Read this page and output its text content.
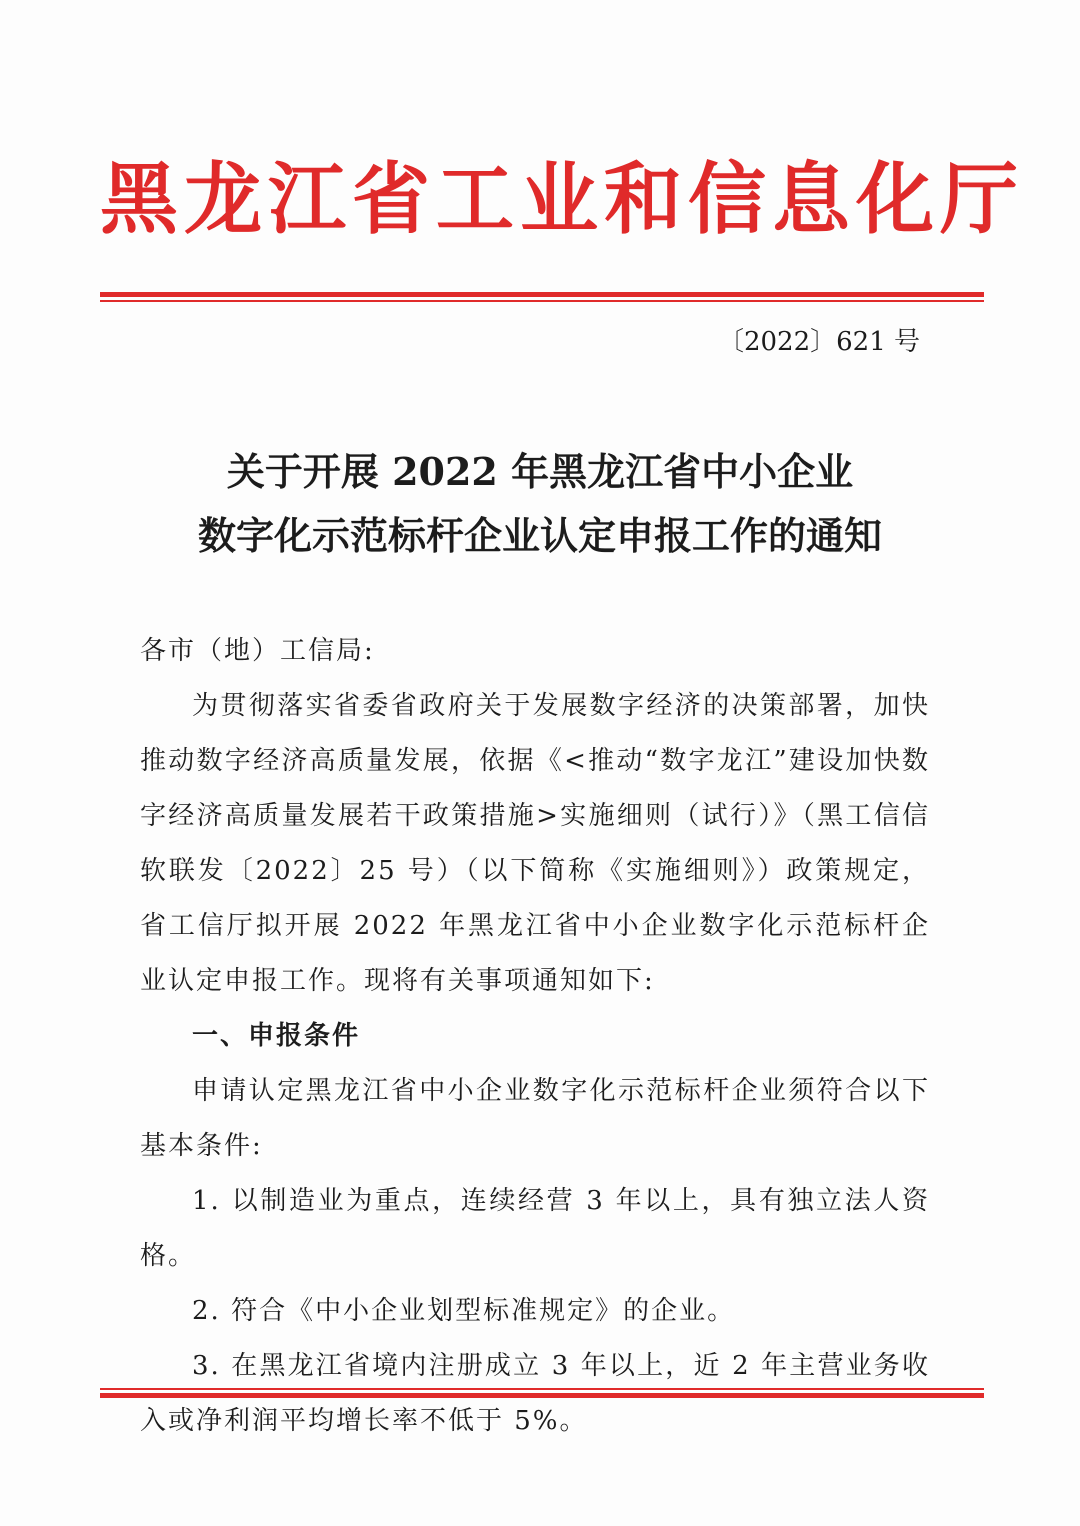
黑龙江省工业和信息化厅
〔2022〕621 号
关于开展 2022 年黑龙江省中小企业
数字化示范标杆企业认定申报工作的通知

各市（地）工信局:

为贯彻落实省委省政府关于发展数字经济的决策部署，加快推动数字经济高质量发展，依据《<推动“数字龙江”建设加快数字经济高质量发展若干政策措施>实施细则（试行）》（黑工信信软联发〔2022〕25 号）（以下简称《实施细则》）政策规定，省工信厅拟开展 2022 年黑龙江省中小企业数字化示范标杆企业认定申报工作。现将有关事项通知如下:

一、申报条件

申请认定黑龙江省中小企业数字化示范标杆企业须符合以下基本条件:

1. 以制造业为重点，连续经营 3 年以上，具有独立法人资格。

2. 符合《中小企业划型标准规定》的企业。

3. 在黑龙江省境内注册成立 3 年以上，近 2 年主营业务收入或净利润平均增长率不低于 5%。
